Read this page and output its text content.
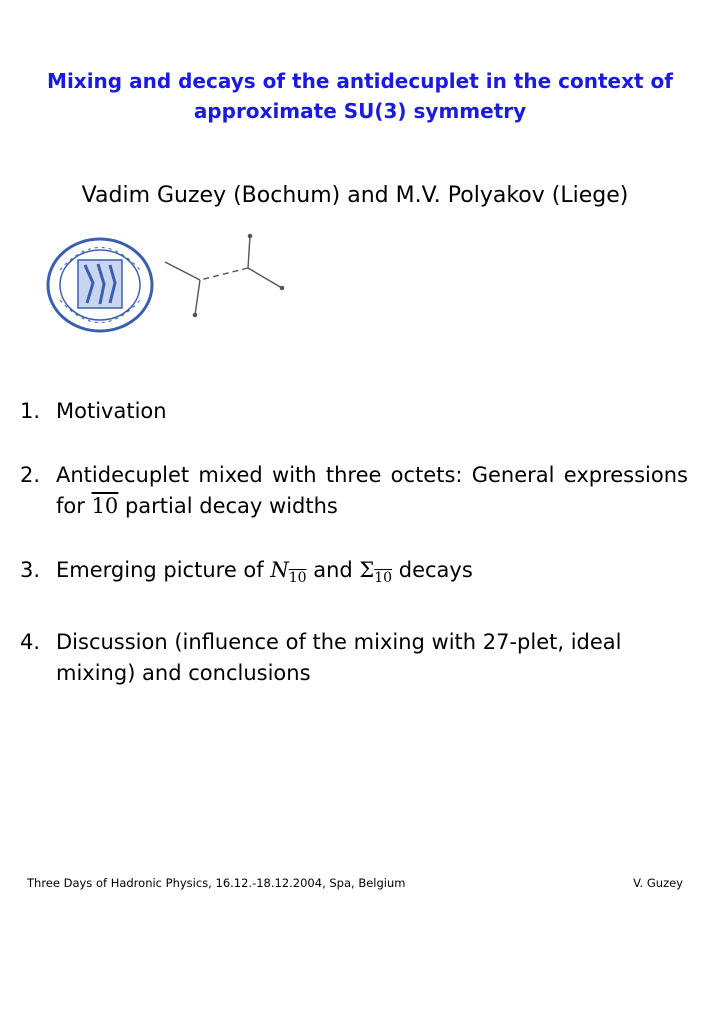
Mixing and decays of the antidecuplet in the context of
approximate SU(3) symmetry
Vadim Guzey (Bochum) and M.V. Polyakov (Liege)
1. Motivation
2. Antidecuplet mixed with three octets: General expressions for 10 partial decay widths
3. Emerging picture of $N_{10}$ and $\Sigma_{10}$ decays
4. Discussion (influence of the mixing with 27-plet, ideal mixing) and conclusions
Three Days of Hadronic Physics, 16.12.-18.12.2004, Spa, Belgium	V. Guzey
